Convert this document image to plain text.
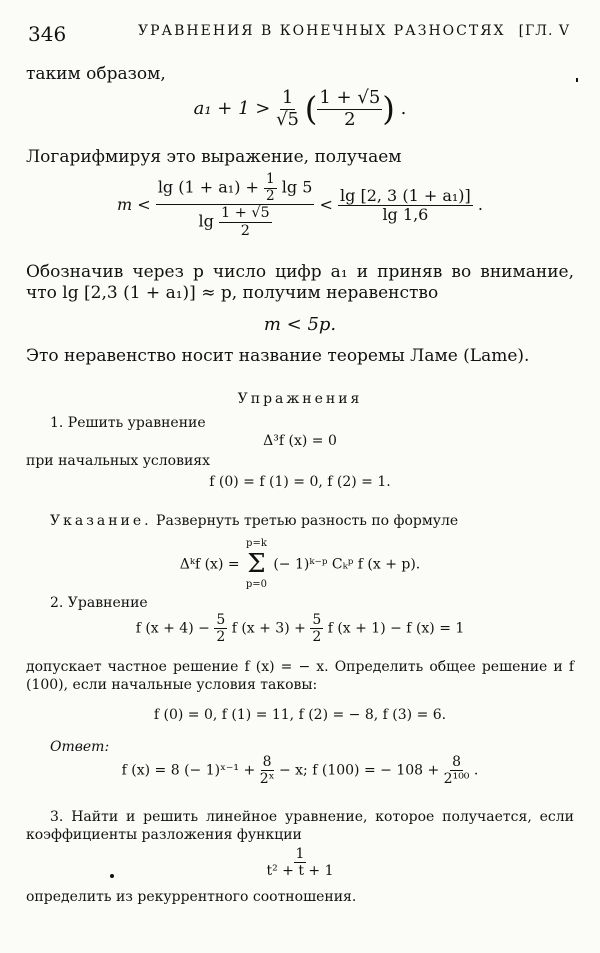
346	УРАВНЕНИЯ В КОНЕЧНЫХ РАЗНОСТЯХ [ГЛ. V
таким образом,
$a_1 + 1 > \frac{1}{√5}$ ( $\frac{1 + √5}{2}$ ) .
Логарифмируя это выражение, получаем
$m < \frac{\lg (1 + a_1) + \frac{1}{2} \lg 5}{\lg \frac{1 + √5}{2}} < \frac{\text{lg [2, 3 (1 + a₁)]}}{\lg 1,6}$ .
Обозначив через p число цифр a₁ и приняв во внимание, что lg [2,3 (1 + a₁)] ≈ p, получим неравенство
m < 5p.
Это неравенство носит название теоремы Ламе (Lame).
Упражнения
1. Решить уравнение
Δ³f (x) = 0
при начальных условиях
f (0) = f (1) = 0, f (2) = 1.
Указание. Развернуть третью разность по формуле
Δᵏf (x) =
p=k
Σ
p=0
(− 1)ᵏ⁻ᵖ Cₖᵖ f (x + p).
2. Уравнение
f $(x + 4) - \frac{5}{2}$ f $(x + 3) + \frac{5}{2}$ f (x + 1) − f (x) = 1
допускает частное решение f (x) = − x. Определить общее решение и f (100), если начальные условия таковы:
f (0) = 0, f (1) = 11, f (2) = − 8, f (3) = 6.
Ответ:
f (x) = 8 (− 1)ˣ⁻¹ + $\frac{8}{\text{2ˣ}} - x$; f (100) = − $108 + \frac{8}{\text{2¹⁰⁰}}$ .
3. Найти и решить линейное уравнение, которое получается, если коэффициенты разложения функции
$\frac{1}{\text{t² + t + 1}}$
определить из рекуррентного соотношения.
